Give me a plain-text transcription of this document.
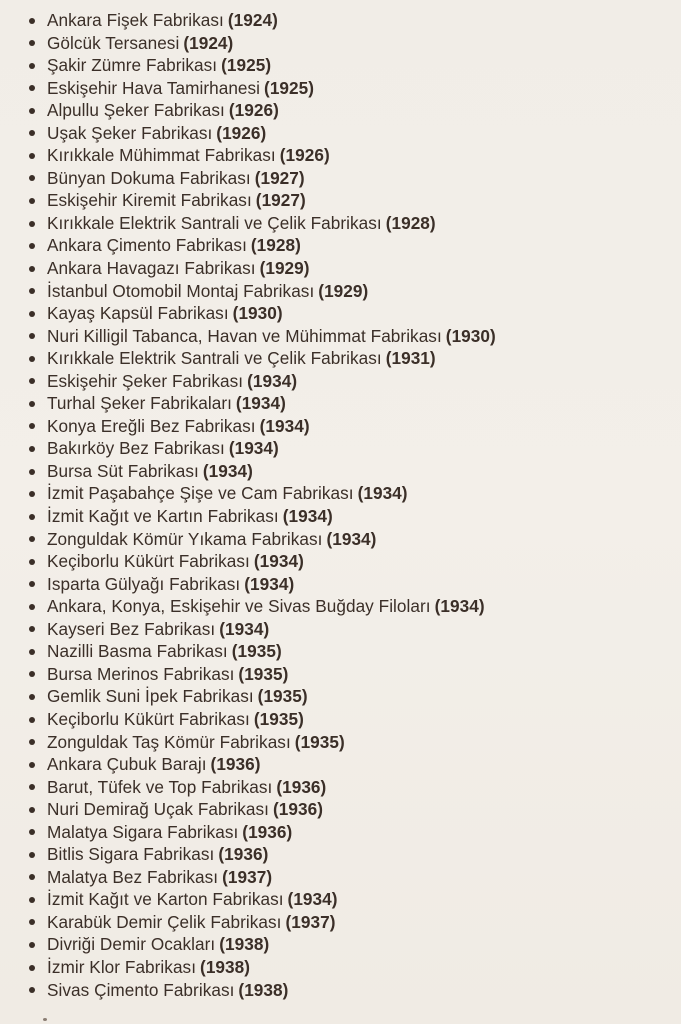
Ankara Fişek Fabrikası ( 1924 )
Gölcük Tersanesi ( 1924 )
Şakir Zümre Fabrikası ( 1925 )
Eskişehir Hava Tamirhanesi ( 1925 )
Alpullu Şeker Fabrikası ( 1926 )
Uşak Şeker Fabrikası ( 1926 )
Kırıkkale Mühimmat Fabrikası ( 1926 )
Bünyan Dokuma Fabrikası ( 1927 )
Eskişehir Kiremit Fabrikası ( 1927 )
Kırıkkale Elektrik Santrali ve Çelik Fabrikası ( 1928 )
Ankara Çimento Fabrikası ( 1928 )
Ankara Havagazı Fabrikası ( 1929 )
İstanbul Otomobil Montaj Fabrikası ( 1929 )
Kayaş Kapsül Fabrikası ( 1930 )
Nuri Killigil Tabanca, Havan ve Mühimmat Fabrikası ( 1930 )
Kırıkkale Elektrik Santrali ve Çelik Fabrikası ( 1931 )
Eskişehir Şeker Fabrikası ( 1934 )
Turhal Şeker Fabrikaları ( 1934 )
Konya Ereğli Bez Fabrikası ( 1934 )
Bakırköy Bez Fabrikası ( 1934 )
Bursa Süt Fabrikası ( 1934 )
İzmit Paşabahçe Şişe ve Cam Fabrikası ( 1934 )
İzmit Kağıt ve Kartın Fabrikası ( 1934 )
Zonguldak Kömür Yıkama Fabrikası ( 1934 )
Keçiborlu Kükürt Fabrikası ( 1934 )
Isparta Gülyağı Fabrikası ( 1934 )
Ankara, Konya, Eskişehir ve Sivas Buğday Filoları ( 1934 )
Kayseri Bez Fabrikası ( 1934 )
Nazilli Basma Fabrikası ( 1935 )
Bursa Merinos Fabrikası ( 1935 )
Gemlik Suni İpek Fabrikası ( 1935 )
Keçiborlu Kükürt Fabrikası ( 1935 )
Zonguldak Taş Kömür Fabrikası ( 1935 )
Ankara Çubuk Barajı ( 1936 )
Barut, Tüfek ve Top Fabrikası ( 1936 )
Nuri Demirağ Uçak Fabrikası ( 1936 )
Malatya Sigara Fabrikası ( 1936 )
Bitlis Sigara Fabrikası ( 1936 )
Malatya Bez Fabrikası ( 1937 )
İzmit Kağıt ve Karton Fabrikası ( 1934 )
Karabük Demir Çelik Fabrikası ( 1937 )
Divriği Demir Ocakları ( 1938 )
İzmir Klor Fabrikası ( 1938 )
Sivas Çimento Fabrikası ( 1938 )
